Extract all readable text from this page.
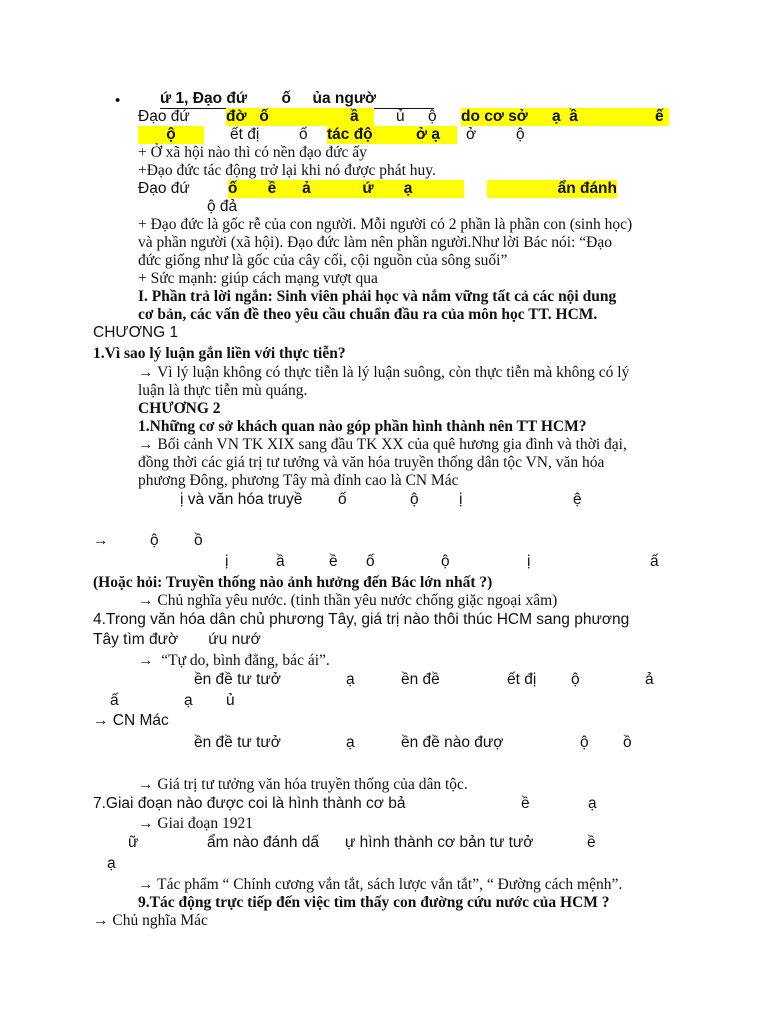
•	ứ 1, Đạo đứ        ố     ủa ngườ
Đạo đứ đờ   ố	ầ	ủ ộ do cơ sở	ạ  ầ	ế
ộ	ết đị	ố tác độ	ở ạ ở	ộ
+ Ở xã hội nào thì có nền đạo đức ấy
+Đạo đức tác động trở lại khi nó được phát huy.
Đạo đứ ố       ề      ả            ứ       ạ	ẩn đánh
ộ đả
+ Đạo đức là gốc rễ của con người. Mỗi người có 2 phần là phần con (sinh học)
và phần người (xã hội). Đạo đức làm nên phần người.Như lời Bác nói: “Đạo
đức giống như là gốc của cây cối, cội nguồn của sông suối”
+ Sức mạnh: giúp cách mạng vượt qua
I. Phần trả lời ngắn: Sinh viên phải học và nắm vững tất cả các nội dung
cơ bản, các vấn đề theo yêu cầu chuẩn đầu ra của môn học TT. HCM.
CHƯƠNG 1
1.Vì sao lý luận gắn liền với thực tiễn?
→ Vì lý luận không có thực tiễn là lý luận suông, còn thực tiễn mà không có lý
luận là thực tiễn mù quáng.
CHƯƠNG 2
1.Những cơ sở khách quan nào góp phần hình thành nên TT HCM?
→ Bối cảnh VN TK XIX sang đầu TK XX của quê hương gia đình và thời đại,
đồng thời các giá trị tư tưởng và văn hóa truyền thống dân tộc VN, văn hóa
phương Đông, phương Tây mà đỉnh cao là CN Mác
ị và văn hóa truyề ố	ộ	ị	ệ
→	ộ ồ
ị	ầ	ề ố	ộ	ị	ấ
(Hoặc hỏi: Truyền thống nào ảnh hưởng đến Bác lớn nhất ?)
→ Chủ nghĩa yêu nước. (tinh thần yêu nước chống giặc ngoại xâm)
4.Trong văn hóa dân chủ phương Tây, giá trị nào thôi thúc HCM sang phương
Tây tìm đườ       ứu nướ
→  “Tự do, bình đẳng, bác ái”.
ền đề tư tưở	ạ	ền đề	ết đị ộ	ả
ấ	ạ ủ
→ CN Mác
ền đề tư tưở	ạ	ền đề nào đượ	ộ ồ
→ Giá trị tư tưởng văn hóa truyền thống của dân tộc.
7.Giai đoạn nào được coi là hình thành cơ bả	ề	ạ
→ Giai đoạn 1921
ữ	ẩm nào đánh dấ ự hình thành cơ bản tư tưở	ề
ạ
→ Tác phẩm “ Chính cương vắn tắt, sách lược vắn tắt”, “ Đường cách mệnh”.
9.Tác động trực tiếp đến việc tìm thấy con đường cứu nước của HCM ?
→ Chủ nghĩa Mác
